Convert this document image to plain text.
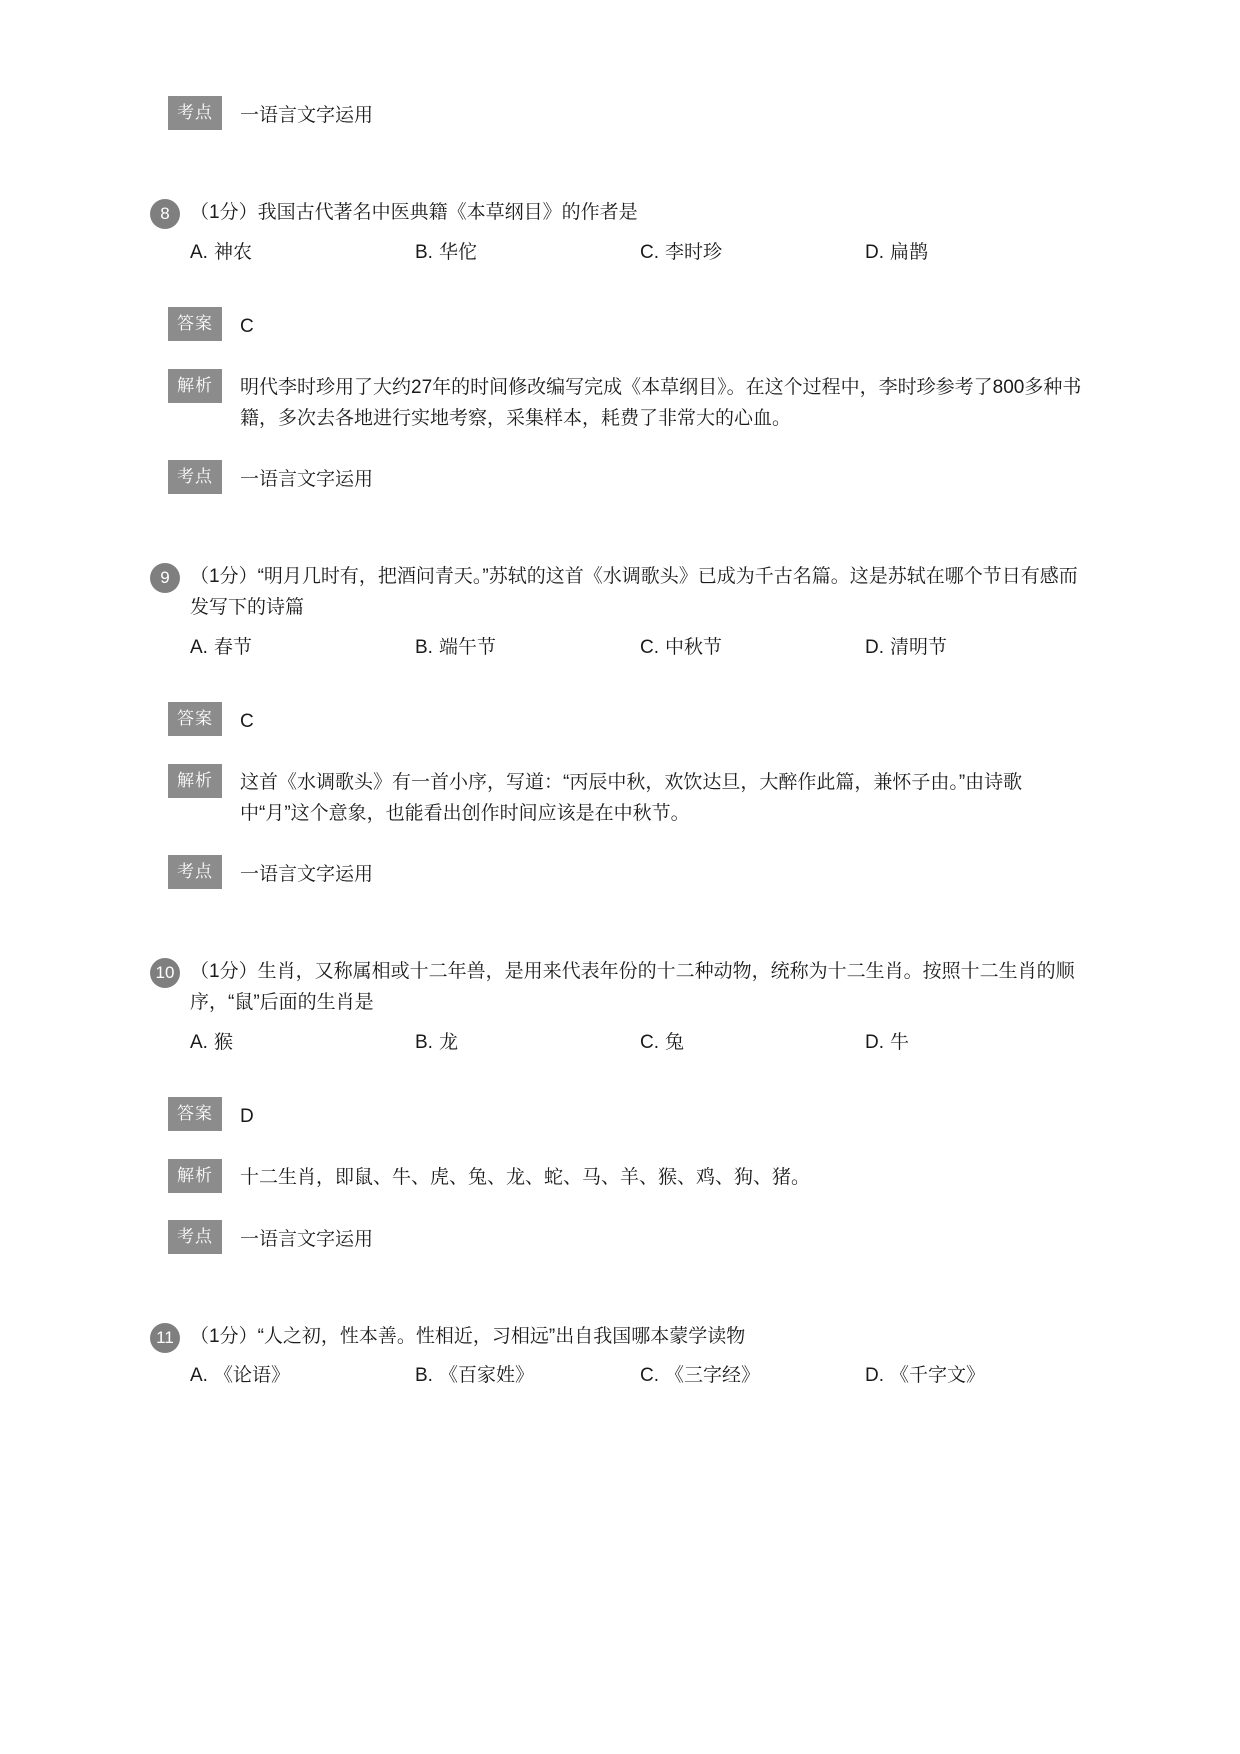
考点	一语言文字运用
8	（1分）我国古代著名中医典籍《本草纲目》的作者是
A. 神农	B. 华佗	C. 李时珍	D. 扁鹊
答案	C
解析	明代李时珍用了大约27年的时间修改编写完成《本草纲目》。在这个过程中，李时珍参考了800多种书籍，多次去各地进行实地考察，采集样本，耗费了非常大的心血。
考点	一语言文字运用
9	（1分）“明月几时有，把酒问青天。”苏轼的这首《水调歌头》已成为千古名篇。这是苏轼在哪个节日有感而发写下的诗篇
A. 春节	B. 端午节	C. 中秋节	D. 清明节
答案	C
解析	这首《水调歌头》有一首小序，写道：“丙辰中秋，欢饮达旦，大醉作此篇，兼怀子由。”由诗歌中“月”这个意象，也能看出创作时间应该是在中秋节。
考点	一语言文字运用
10 （1分）生肖，又称属相或十二年兽，是用来代表年份的十二种动物，统称为十二生肖。按照十二生肖的顺序，“鼠”后面的生肖是
A. 猴	B. 龙	C. 兔	D. 牛
答案	D
解析	十二生肖，即鼠、牛、虎、兔、龙、蛇、马、羊、猴、鸡、狗、猪。
考点	一语言文字运用
11 （1分）“人之初，性本善。性相近，习相远”出自我国哪本蒙学读物
A. 《论语》	B. 《百家姓》	C. 《三字经》	D. 《千字文》
